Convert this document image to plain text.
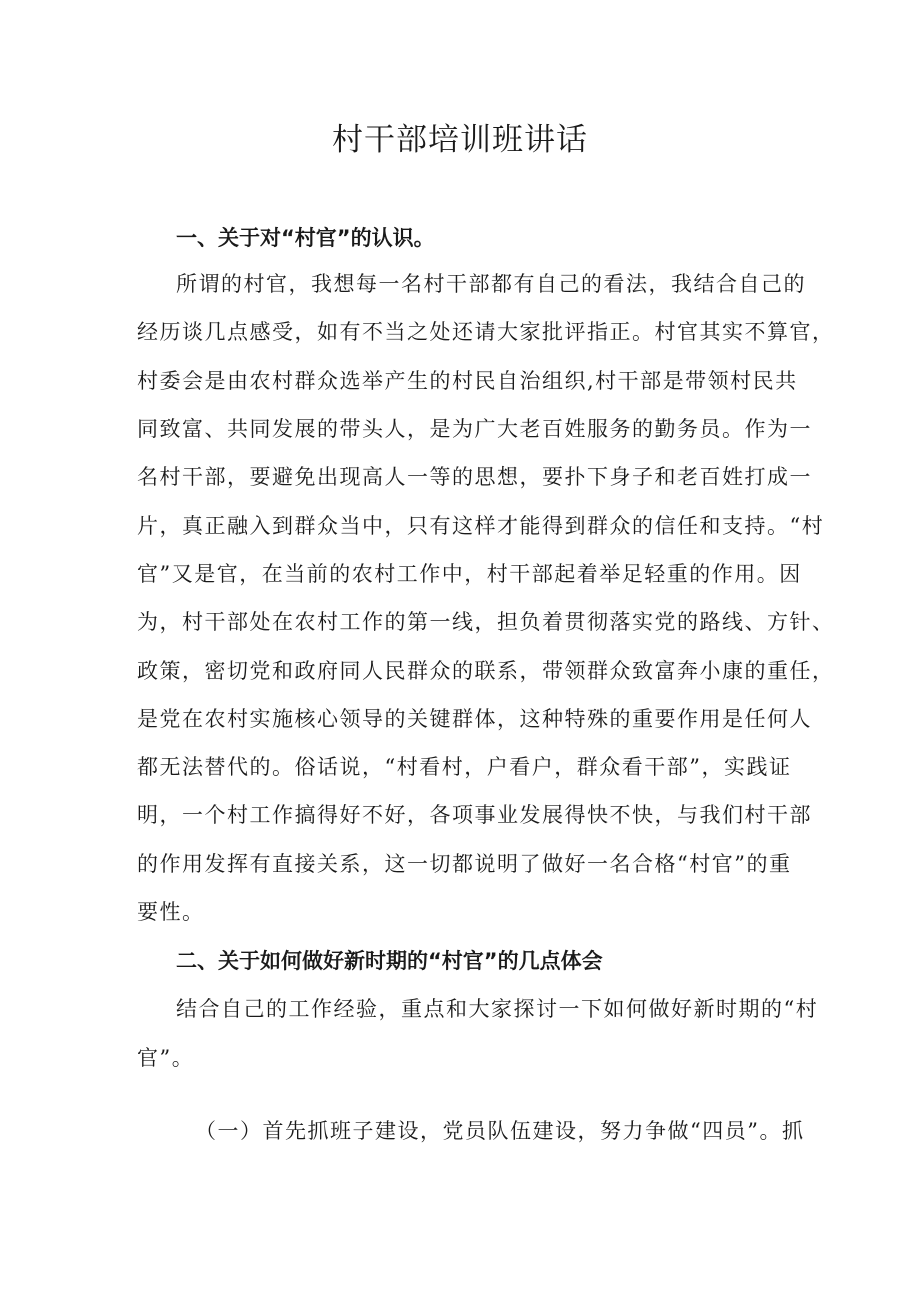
村干部培训班讲话
一、关于对“村官”的认识。

所谓的村官，我想每一名村干部都有自己的看法，我结合自己的

经历谈几点感受，如有不当之处还请大家批评指正。村官其实不算官，

村委会是由农村群众选举产生的村民自治组织,村干部是带领村民共

同致富、共同发展的带头人，是为广大老百姓服务的勤务员。作为一

名村干部，要避免出现高人一等的思想，要扑下身子和老百姓打成一

片，真正融入到群众当中，只有这样才能得到群众的信任和支持。“村

官”又是官，在当前的农村工作中，村干部起着举足轻重的作用。因

为，村干部处在农村工作的第一线，担负着贯彻落实党的路线、方针、

政策，密切党和政府同人民群众的联系，带领群众致富奔小康的重任，

是党在农村实施核心领导的关键群体，这种特殊的重要作用是任何人

都无法替代的。俗话说，“村看村，户看户，群众看干部”，实践证

明，一个村工作搞得好不好，各项事业发展得快不快，与我们村干部

的作用发挥有直接关系，这一切都说明了做好一名合格“村官”的重

要性。

二、关于如何做好新时期的“村官”的几点体会

结合自己的工作经验，重点和大家探讨一下如何做好新时期的“村

官”。

（一）首先抓班子建设，党员队伍建设，努力争做“四员”。抓
